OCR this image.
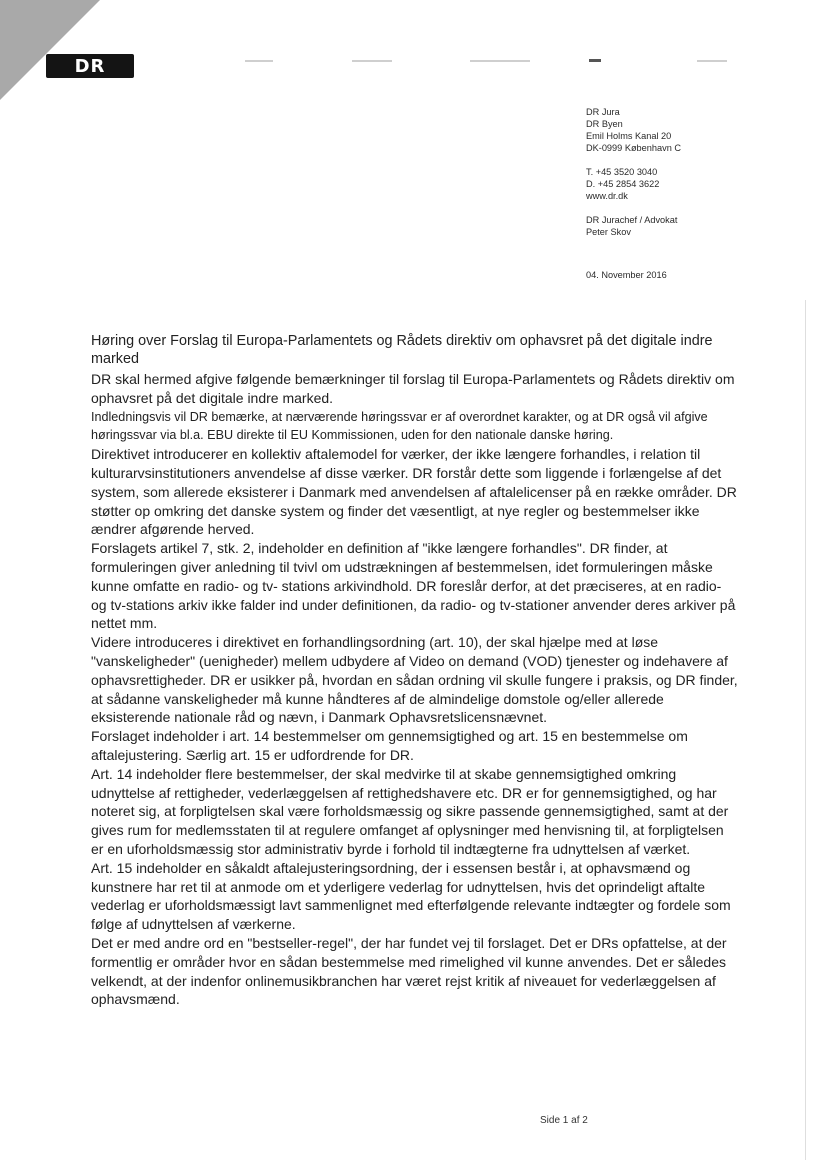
DR
DR Jura
DR Byen
Emil Holms Kanal 20
DK-0999 København C
T. +45 3520 3040
D. +45 2854 3622
www.dr.dk
DR Jurachef / Advokat
Peter Skov
04. November 2016
Høring over Forslag til Europa-Parlamentets og Rådets direktiv om ophavsret på det digitale indre marked

DR skal hermed afgive følgende bemærkninger til forslag til Europa-Parlamentets og Rådets direktiv om ophavsret på det digitale indre marked.

Indledningsvis vil DR bemærke, at nærværende høringssvar er af overordnet karakter, og at DR også vil afgive høringssvar via bl.a. EBU direkte til EU Kommissionen, uden for den nationale danske høring.

Direktivet introducerer en kollektiv aftalemodel for værker, der ikke længere forhandles, i relation til kulturarvsinstitutioners anvendelse af disse værker. DR forstår dette som liggende i forlængelse af det system, som allerede eksisterer i Danmark med anvendelsen af aftalelicenser på en række områder. DR støtter op omkring det danske system og finder det væsentligt, at nye regler og bestemmelser ikke ændrer afgørende herved.

Forslagets artikel 7, stk. 2, indeholder en definition af "ikke længere forhandles". DR finder, at formuleringen giver anledning til tvivl om udstrækningen af bestemmelsen, idet formuleringen måske kunne omfatte en radio- og tv- stations arkivindhold. DR foreslår derfor, at det præciseres, at en radio- og tv-stations arkiv ikke falder ind under definitionen, da radio- og tv-stationer anvender deres arkiver på nettet mm.

Videre introduceres i direktivet en forhandlingsordning (art. 10), der skal hjælpe med at løse "vanskeligheder" (uenigheder) mellem udbydere af Video on demand (VOD) tjenester og indehavere af ophavsrettigheder. DR er usikker på, hvordan en sådan ordning vil skulle fungere i praksis, og DR finder, at sådanne vanskeligheder må kunne håndteres af de almindelige domstole og/eller allerede eksisterende nationale råd og nævn, i Danmark Ophavsretslicensnævnet.

Forslaget indeholder i art. 14 bestemmelser om gennemsigtighed og art. 15 en bestemmelse om aftalejustering. Særlig art. 15 er udfordrende for DR.

Art. 14 indeholder flere bestemmelser, der skal medvirke til at skabe gennemsigtighed omkring udnyttelse af rettigheder, vederlæggelsen af rettighedshavere etc. DR er for gennemsigtighed, og har noteret sig, at forpligtelsen skal være forholdsmæssig og sikre passende gennemsigtighed, samt at der gives rum for medlemsstaten til at regulere omfanget af oplysninger med henvisning til, at forpligtelsen er en uforholdsmæssig stor administrativ byrde i forhold til indtægterne fra udnyttelsen af værket.

Art. 15 indeholder en såkaldt aftalejusteringsordning, der i essensen består i, at ophavsmænd og kunstnere har ret til at anmode om et yderligere vederlag for udnyttelsen, hvis det oprindeligt aftalte vederlag er uforholdsmæssigt lavt sammenlignet med efterfølgende relevante indtægter og fordele som følge af udnyttelsen af værkerne.

Det er med andre ord en "bestseller-regel", der har fundet vej til forslaget. Det er DRs opfattelse, at der formentlig er områder hvor en sådan bestemmelse med rimelighed vil kunne anvendes. Det er således velkendt, at der indenfor onlinemusikbranchen har været rejst kritik af niveauet for vederlæggelsen af ophavsmænd.

Side 1 af 2
